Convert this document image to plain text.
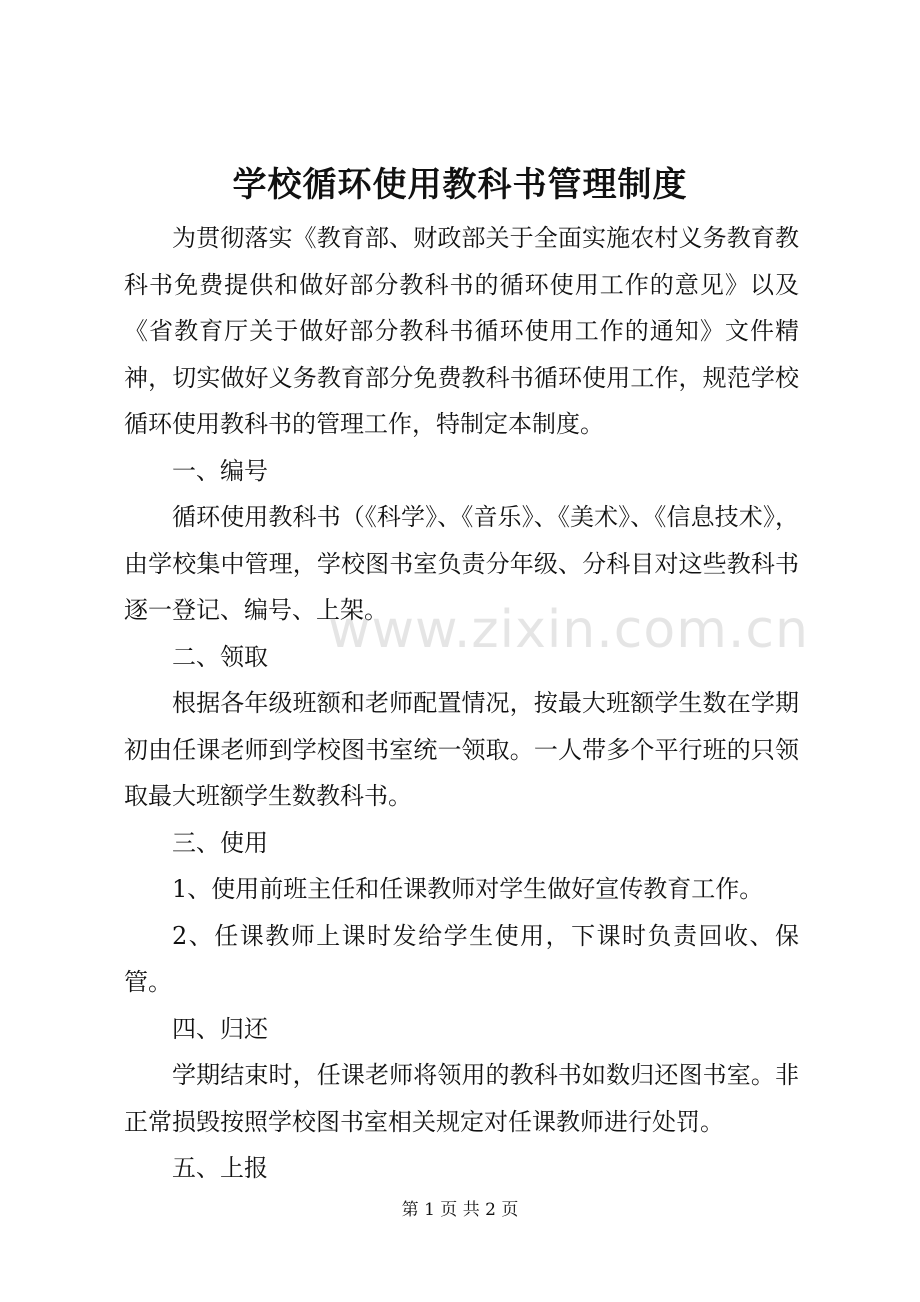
学校循环使用教科书管理制度

为贯彻落实《教育部、财政部关于全面实施农村义务教育教科书免费提供和做好部分教科书的循环使用工作的意见》以及《省教育厅关于做好部分教科书循环使用工作的通知》文件精神，切实做好义务教育部分免费教科书循环使用工作，规范学校循环使用教科书的管理工作，特制定本制度。

一、编号

循环使用教科书（《科学》、《音乐》、《美术》、《信息技术》，由学校集中管理，学校图书室负责分年级、分科目对这些教科书逐一登记、编号、上架。

二、领取

根据各年级班额和老师配置情况，按最大班额学生数在学期初由任课老师到学校图书室统一领取。一人带多个平行班的只领取最大班额学生数教科书。

三、使用

1、使用前班主任和任课教师对学生做好宣传教育工作。

2、任课教师上课时发给学生使用，下课时负责回收、保管。

四、归还

学期结束时，任课老师将领用的教科书如数归还图书室。非正常损毁按照学校图书室相关规定对任课教师进行处罚。

五、上报

www.zixin.com.cn
第 1 页 共 2 页
